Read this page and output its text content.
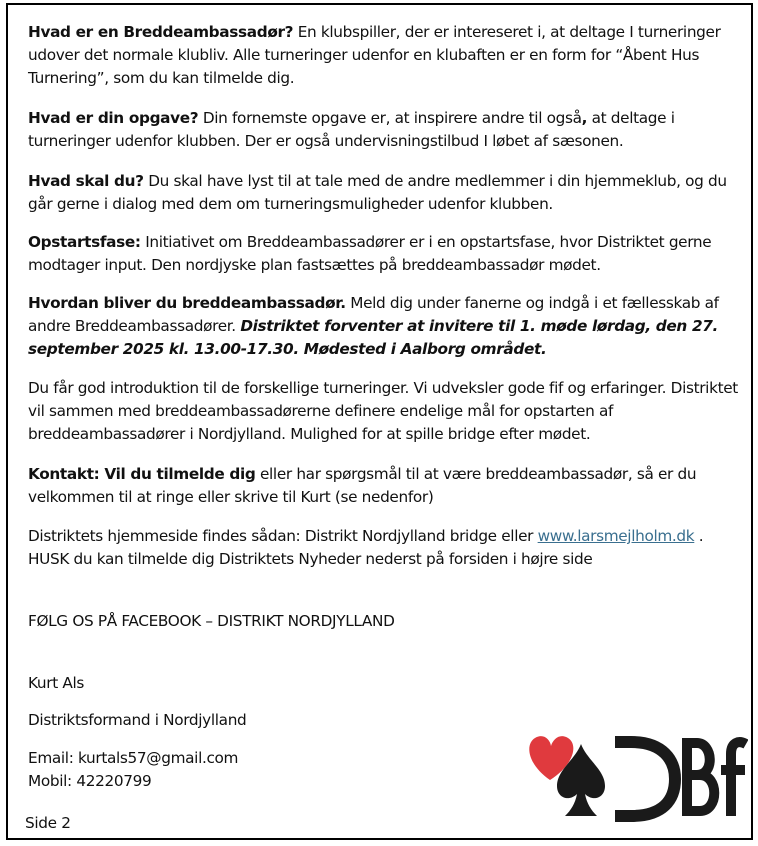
Hvad er en Breddeambassadør? En klubspiller, der er intereseret i, at deltage I turneringer udover det normale klubliv. Alle turneringer udenfor en klubaften er en form for “Åbent Hus Turnering”, som du kan tilmelde dig.

Hvad er din opgave? Din fornemste opgave er, at inspirere andre til også, at deltage i turneringer udenfor klubben. Der er også undervisningstilbud I løbet af sæsonen.

Hvad skal du? Du skal have lyst til at tale med de andre medlemmer i din hjemmeklub, og du går gerne i dialog med dem om turneringsmuligheder udenfor klubben.

Opstartsfase: Initiativet om Breddeambassadører er i en opstartsfase, hvor Distriktet gerne modtager input. Den nordjyske plan fastsættes på breddeambassadør mødet.

Hvordan bliver du breddeambassadør. Meld dig under fanerne og indgå i et fællesskab af andre Breddeambassadører. Distriktet forventer at invitere til 1. møde lørdag, den 27. september 2025 kl. 13.00-17.30. Mødested i Aalborg området.

Du får god introduktion til de forskellige turneringer. Vi udveksler gode fif og erfaringer. Distriktet vil sammen med breddeambassadørerne definere endelige mål for opstarten af breddeambassadører i Nordjylland. Mulighed for at spille bridge efter mødet.

Kontakt: Vil du tilmelde dig eller har spørgsmål til at være breddeambassadør, så er du velkommen til at ringe eller skrive til Kurt (se nedenfor)

Distriktets hjemmeside findes sådan: Distrikt Nordjylland bridge eller www.larsmejlholm.dk . HUSK du kan tilmelde dig Distriktets Nyheder nederst på forsiden i højre side

FØLG OS PÅ FACEBOOK – DISTRIKT NORDJYLLAND

Kurt Als

Distriktsformand i Nordjylland

Email: kurtals57@gmail.com

Mobil: 42220799

Side 2
